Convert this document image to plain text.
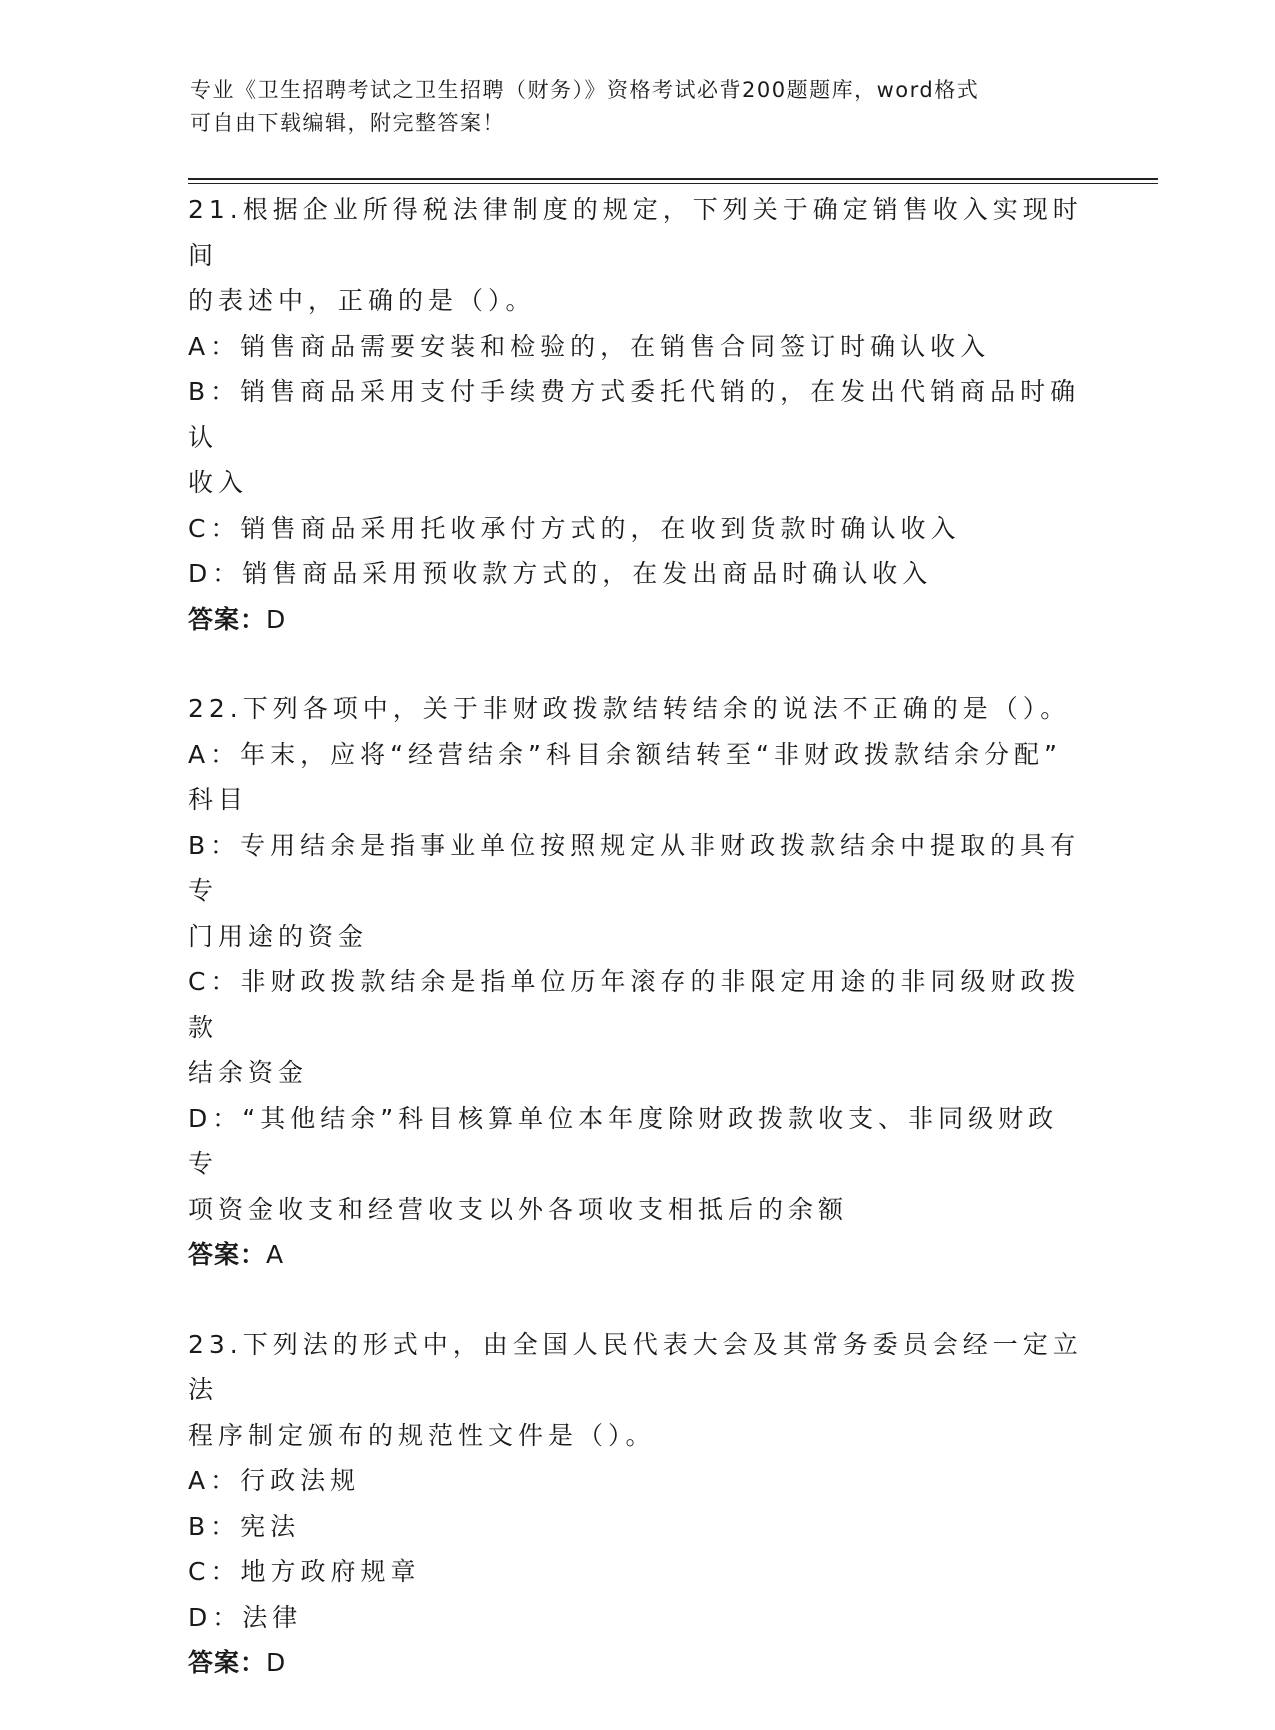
专业《卫生招聘考试之卫生招聘（财务）》资格考试必背200题题库，word格式
可自由下载编辑，附完整答案！
21.根据企业所得税法律制度的规定，下列关于确定销售收入实现时间
的表述中，正确的是（）。
A：销售商品需要安装和检验的，在销售合同签订时确认收入
B：销售商品采用支付手续费方式委托代销的，在发出代销商品时确认
收入
C：销售商品采用托收承付方式的，在收到货款时确认收入
D：销售商品采用预收款方式的，在发出商品时确认收入
答案：D
22.下列各项中，关于非财政拨款结转结余的说法不正确的是（）。
A：年末，应将“经营结余”科目余额结转至“非财政拨款结余分配”
科目
B：专用结余是指事业单位按照规定从非财政拨款结余中提取的具有专
门用途的资金
C：非财政拨款结余是指单位历年滚存的非限定用途的非同级财政拨款
结余资金
D：“其他结余”科目核算单位本年度除财政拨款收支、非同级财政专
项资金收支和经营收支以外各项收支相抵后的余额
答案：A
23.下列法的形式中，由全国人民代表大会及其常务委员会经一定立法
程序制定颁布的规范性文件是（）。
A：行政法规
B：宪法
C：地方政府规章
D：法律
答案：D
